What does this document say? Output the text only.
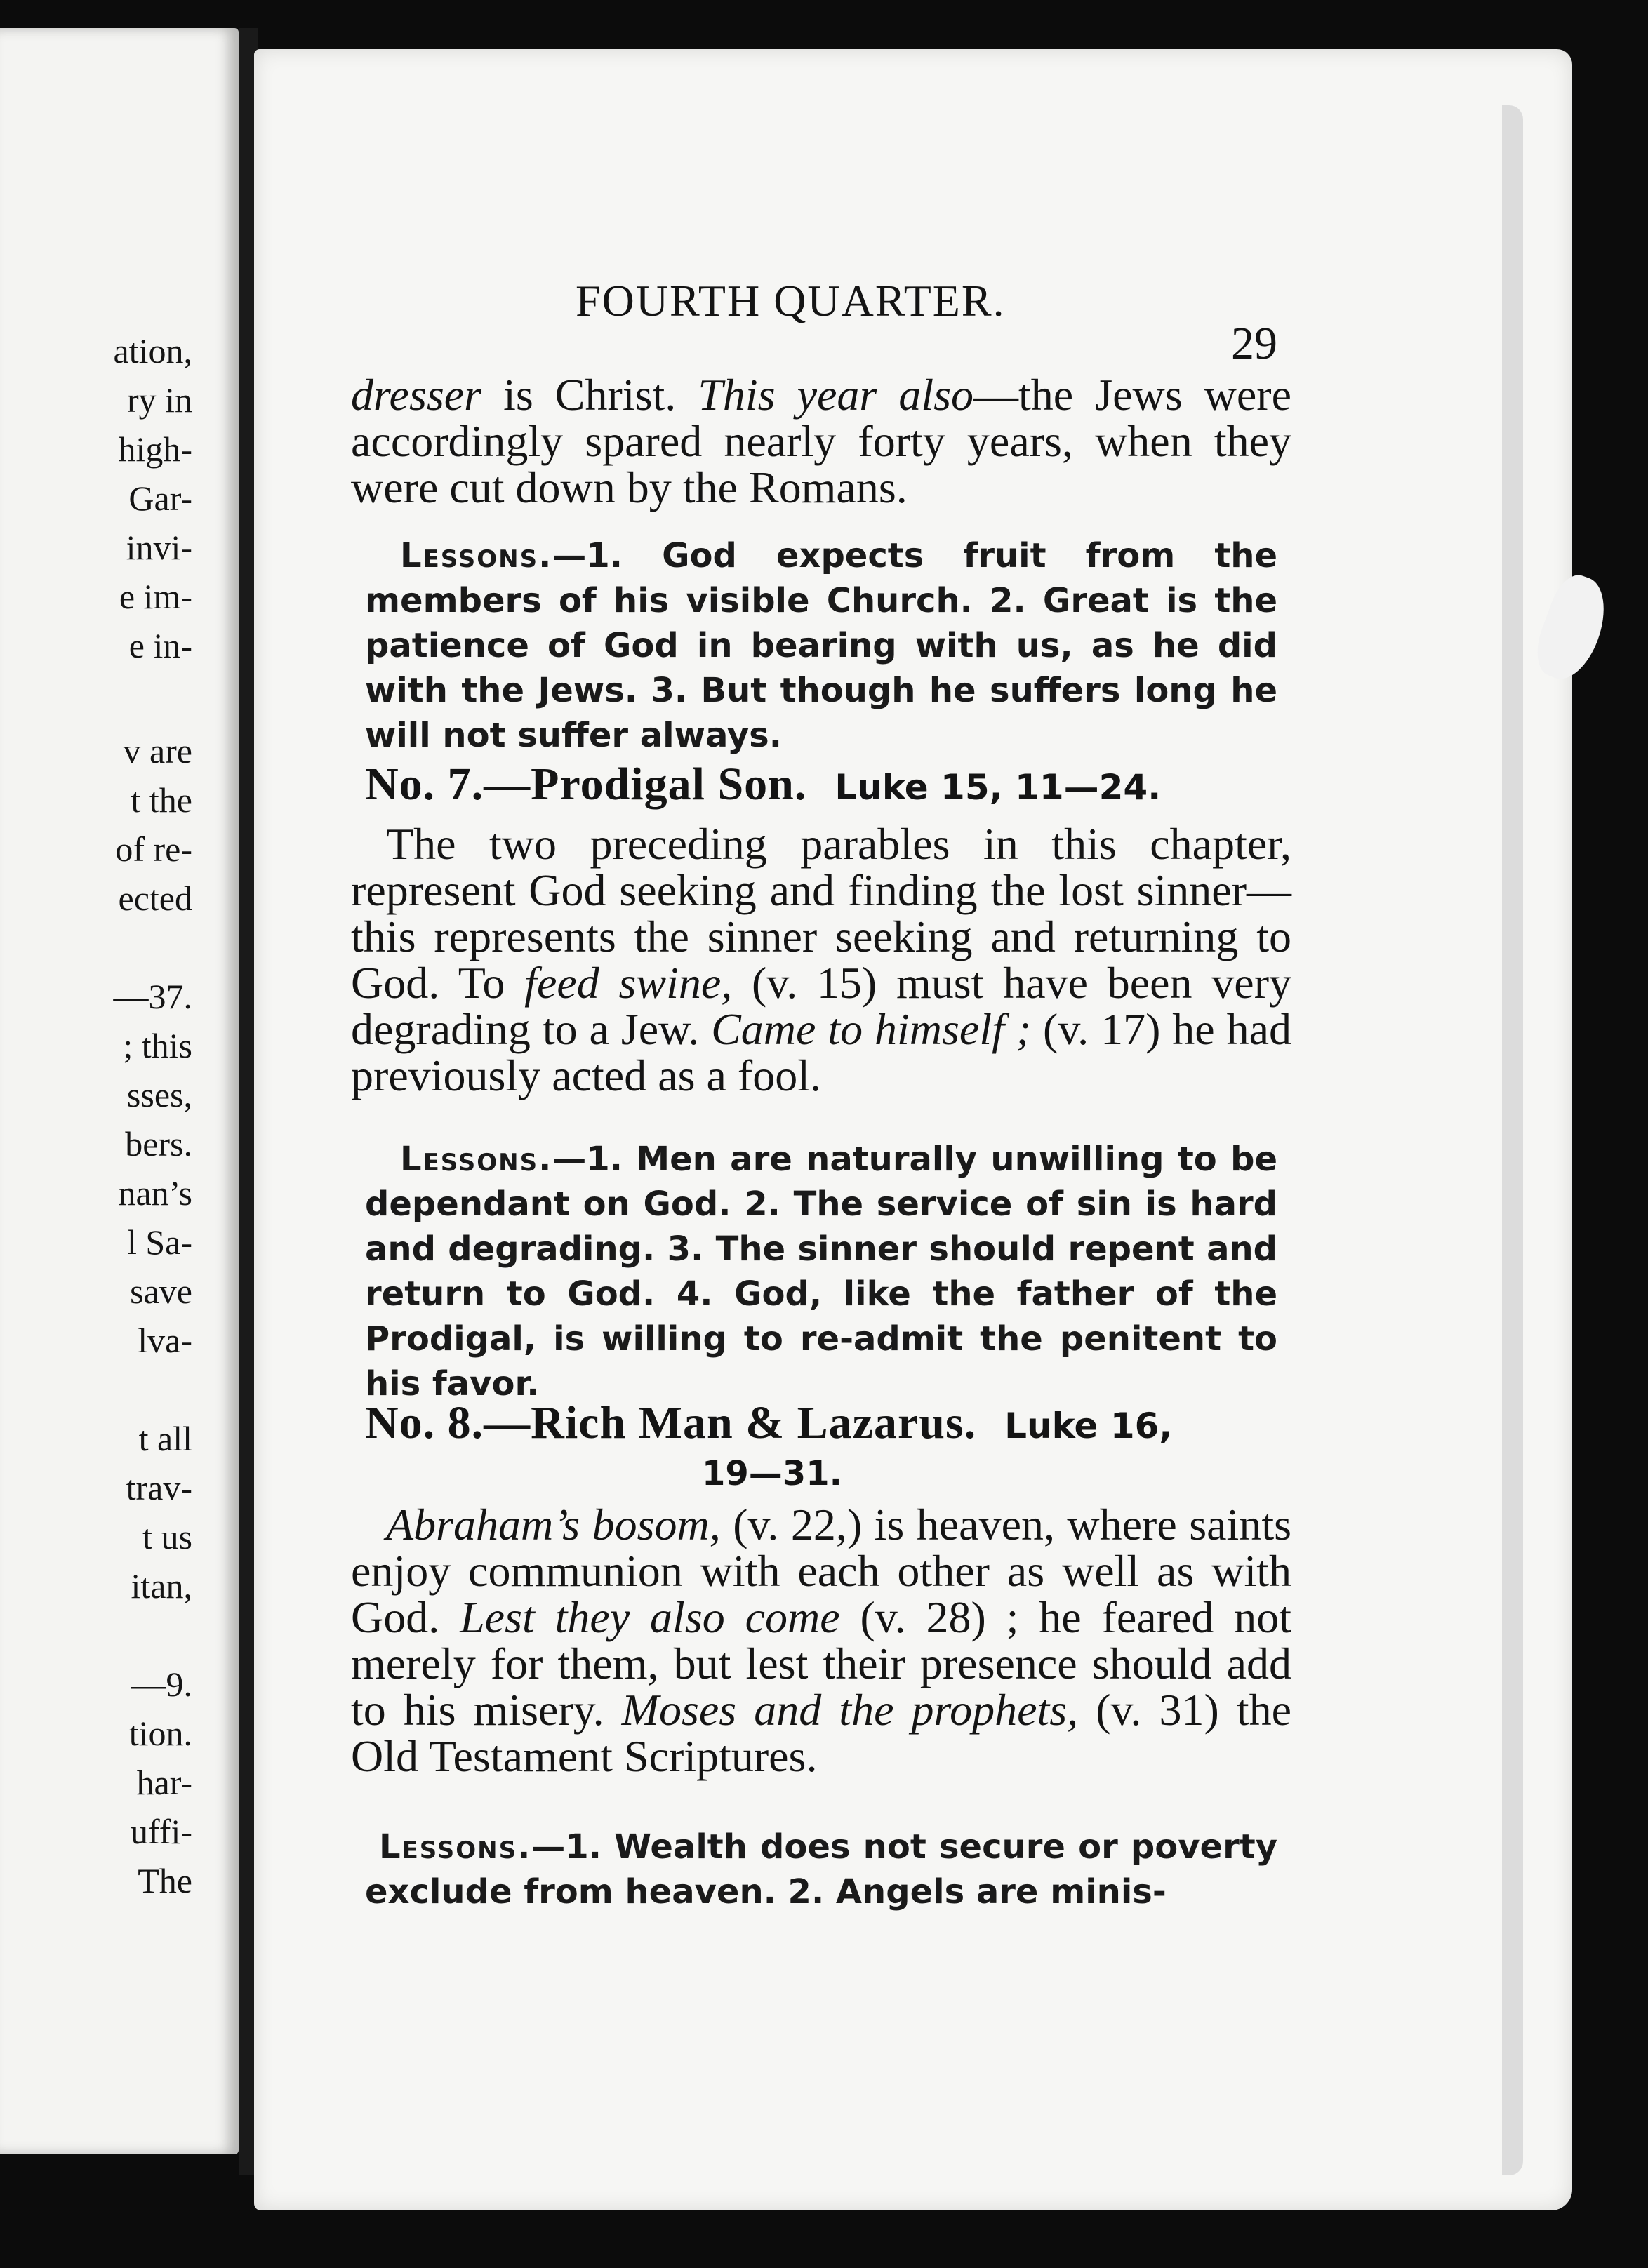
ation,
ry in
high-
Gar-
invi-
e im-
e in-
v are
t the
of re-
ected
—37.
; this
sses,
bers.
nan’s
l Sa-
save
lva-
t all
trav-
t us
itan,
—9.
tion.
har-
uffi-
The
FOURTH QUARTER.
29

dresser is Christ. This year also—the Jews were accordingly spared nearly forty years, when they were cut down by the Romans.

Lessons.—1. God expects fruit from the members of his visible Church. 2. Great is the patience of God in bearing with us, as he did with the Jews. 3. But though he suffers long he will not suffer always.
No. 7.—Prodigal Son. Luke 15, 11—24.

The two preceding parables in this chapter, represent God seeking and finding the lost sinner—this represents the sinner seeking and returning to God. To feed swine, (v. 15) must have been very degrading to a Jew. Came to himself ; (v. 17) he had previously acted as a fool.

Lessons.—1. Men are naturally unwilling to be dependant on God. 2. The service of sin is hard and degrading. 3. The sinner should repent and return to God. 4. God, like the father of the Prodigal, is willing to re-admit the penitent to his favor.
No. 8.—Rich Man & Lazarus. Luke 16,
19—31.

Abraham’s bosom, (v. 22,) is heaven, where saints enjoy communion with each other as well as with God. Lest they also come (v. 28) ; he feared not merely for them, but lest their presence should add to his misery. Moses and the prophets, (v. 31) the Old Testament Scriptures.

Lessons.—1. Wealth does not secure or poverty exclude from heaven. 2. Angels are minis-
